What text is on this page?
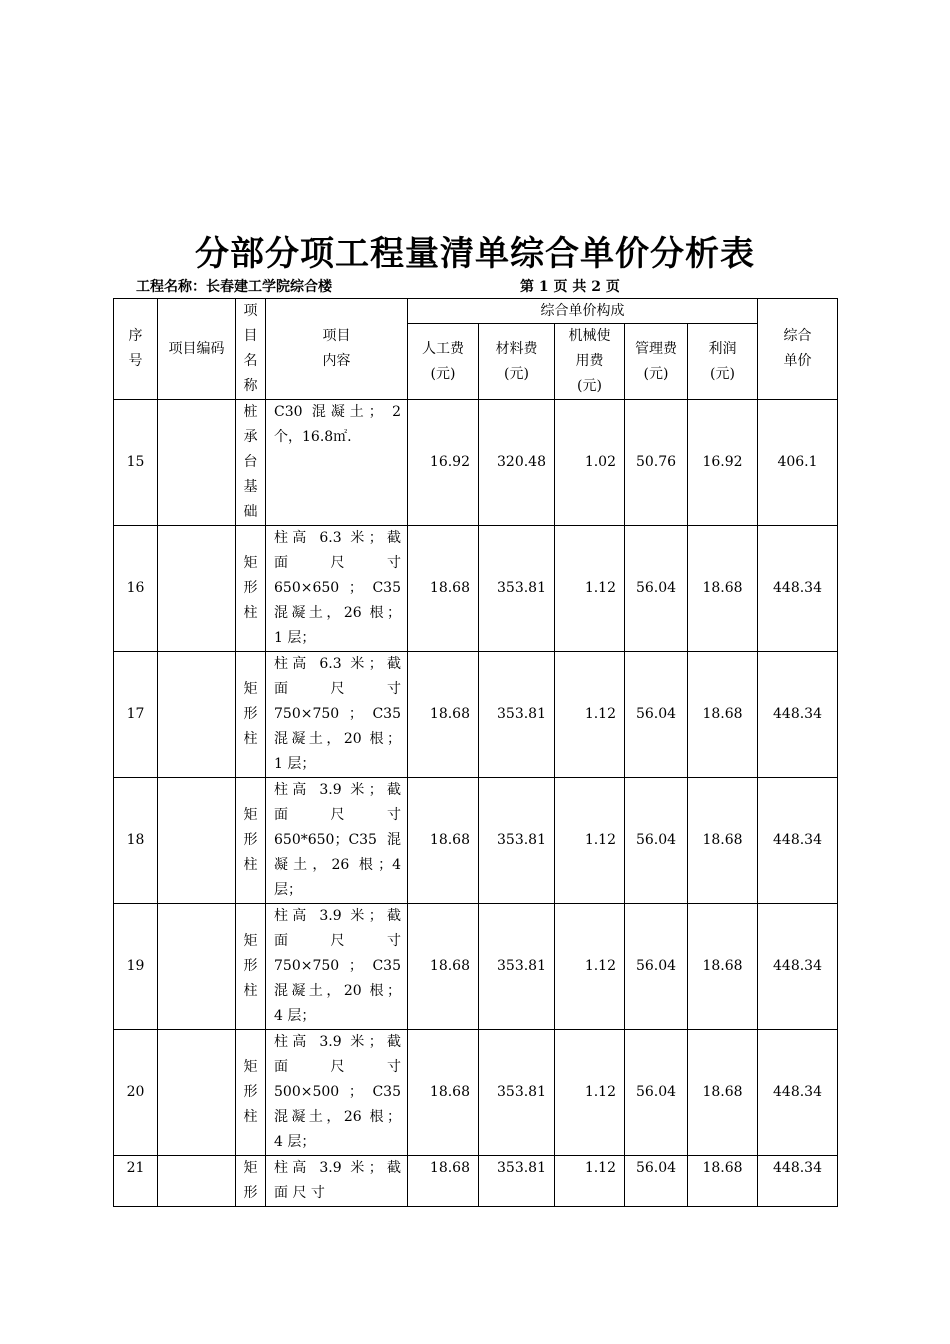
分部分项工程量清单综合单价分析表
工程名称：长春建工学院综合楼	第 1 页 共 2 页
序号	项目编码	项目名称	项目内容	综合单价构成					综合单价
				人工费(元)	材料费(元)	机械使用费(元)	管理费(元)	利润(元)	
15		桩承台基础	C30 混凝土； 2
个，16.8㎡.	16.92	320.48	1.02	50.76	16.92	406.1
16		矩形柱	柱高 6.3 米；截
面 尺 寸
650×650 ； C35
混凝土，26 根；
1 层；	18.68	353.81	1.12	56.04	18.68	448.34
17		矩形柱	柱高 6.3 米；截
面 尺 寸
750×750 ； C35
混凝土，20 根；
1 层；	18.68	353.81	1.12	56.04	18.68	448.34
18		矩形柱	柱高 3.9 米；截
面 尺 寸
650*650；C35 混
凝土，26 根；4
层；	18.68	353.81	1.12	56.04	18.68	448.34
19		矩形柱	柱高 3.9 米；截
面 尺 寸
750×750 ； C35
混凝土，20 根；
4 层；	18.68	353.81	1.12	56.04	18.68	448.34
20		矩形柱	柱高 3.9 米；截
面 尺 寸
500×500 ； C35
混凝土，26 根；
4 层；	18.68	353.81	1.12	56.04	18.68	448.34
21		矩形	柱高 3.9 米；截
面 尺 寸	18.68	353.81	1.12	56.04	18.68	448.34
